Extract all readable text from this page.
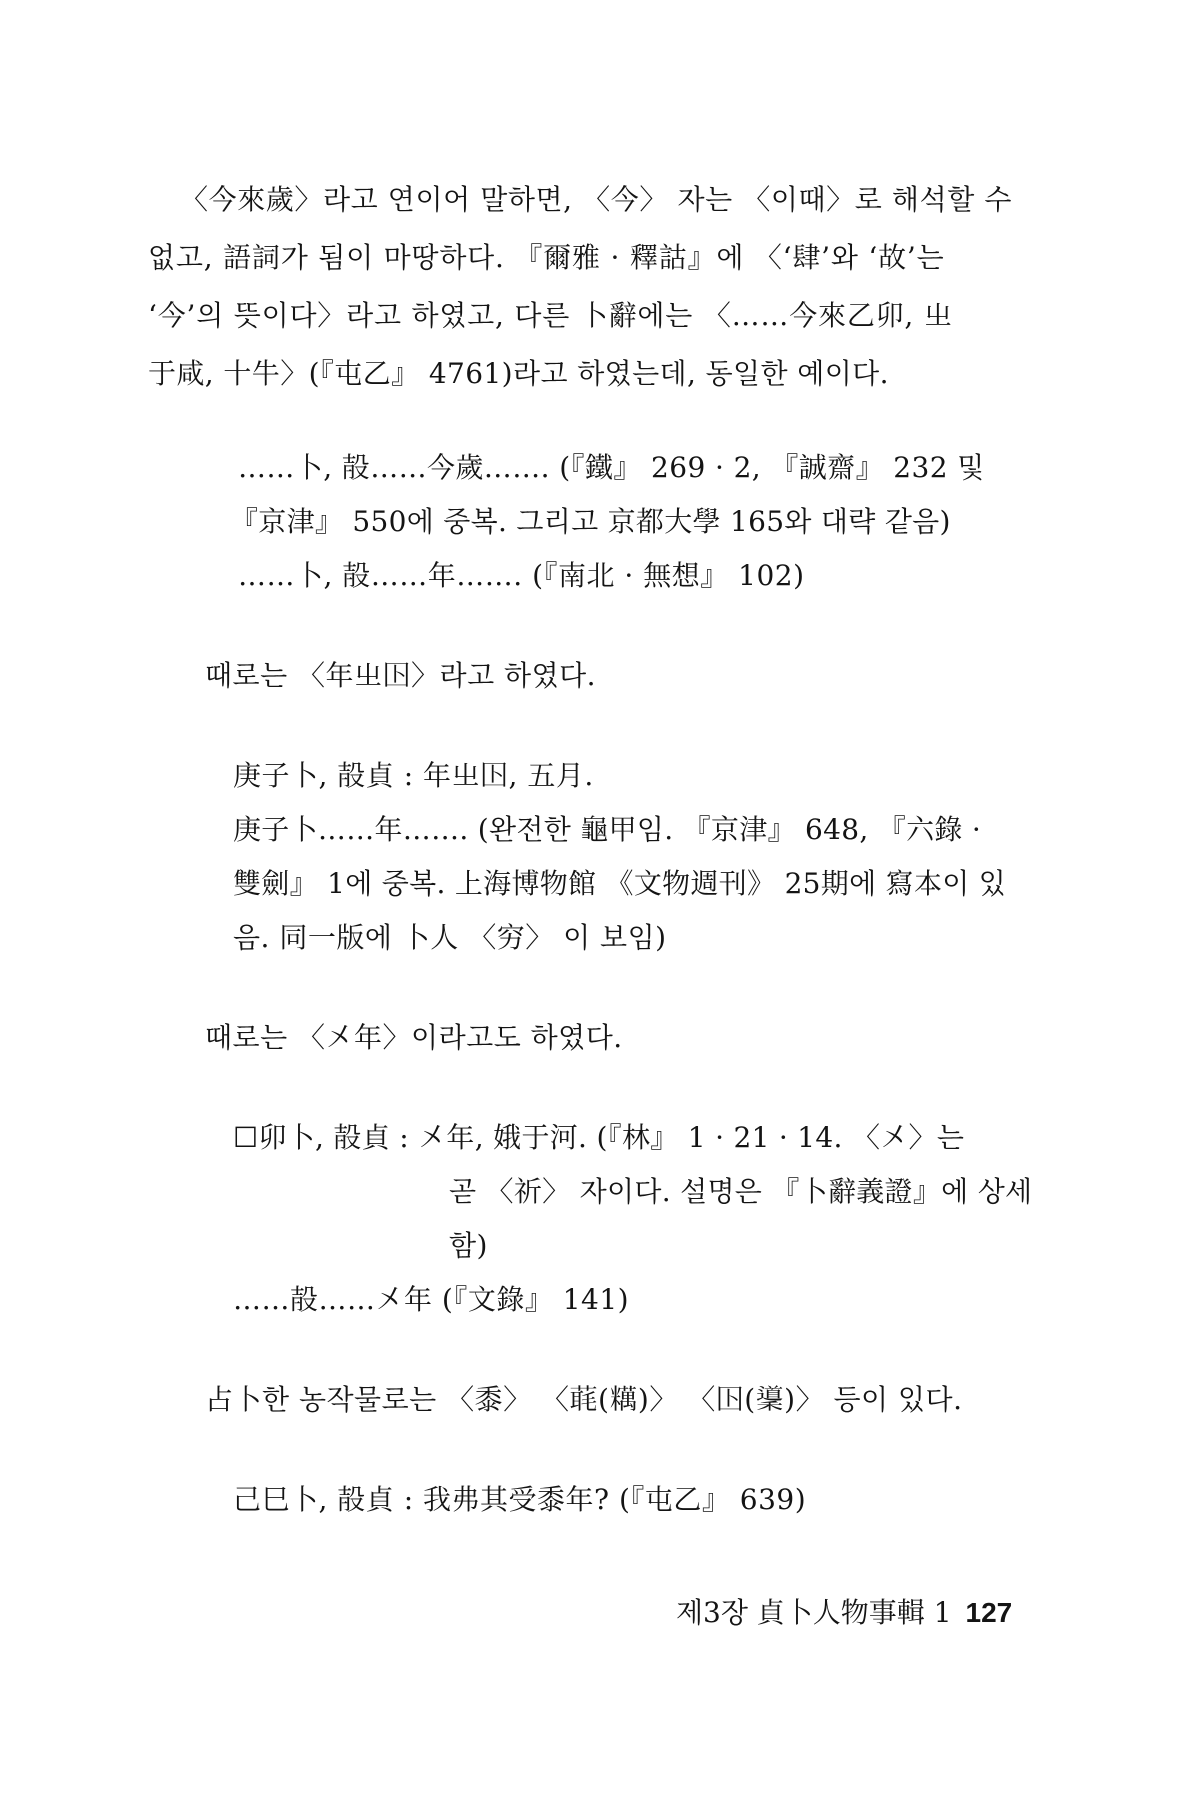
〈今來歲〉라고 연이어 말하면, 〈今〉 자는 〈이때〉로 해석할 수
없고, 語詞가 됨이 마땅하다. 『爾雅 · 釋詁』에 〈‘肆’와 ‘故’는
‘今’의 뜻이다〉라고 하였고, 다른 卜辭에는 〈……今來乙卯, 㞢
于咸, 十牛〉(『屯乙』 4761)라고 하였는데, 동일한 예이다.
……卜, 㱿……今歲……. (『鐵』 269 · 2, 『誠齋』 232 및
『京津』 550에 중복. 그리고 京都大學 165와 대략 같음)
……卜, 㱿……年……. (『南北 · 無想』 102)
때로는 〈年㞢𡆥〉라고 하였다.
庚子卜, 㱿貞 : 年㞢𡆥, 五月.
庚子卜……年……. (완전한 龜甲임. 『京津』 648, 『六錄 ·
雙劍』 1에 중복. 上海博物館 《文物週刊》 25期에 寫本이 있
음. 同一版에 卜人 〈穷〉 이 보임)
때로는 〈㐅年〉이라고도 하였다.
☐卯卜, 㱿貞 : 㐅年, 娥于河. (『林』 1 · 21 · 14. 〈㐅〉는
곧 〈祈〉 자이다. 설명은 『卜辭義證』에 상세
함)
……㱿……㐅年 (『文錄』 141)
占卜한 농작물로는 〈黍〉 〈𦶇(䊪)〉 〈𡆥(䆃)〉 등이 있다.
己巳卜, 㱿貞 : 我弗其受黍年? (『屯乙』 639)
제3장 貞卜人物事輯 1 127
